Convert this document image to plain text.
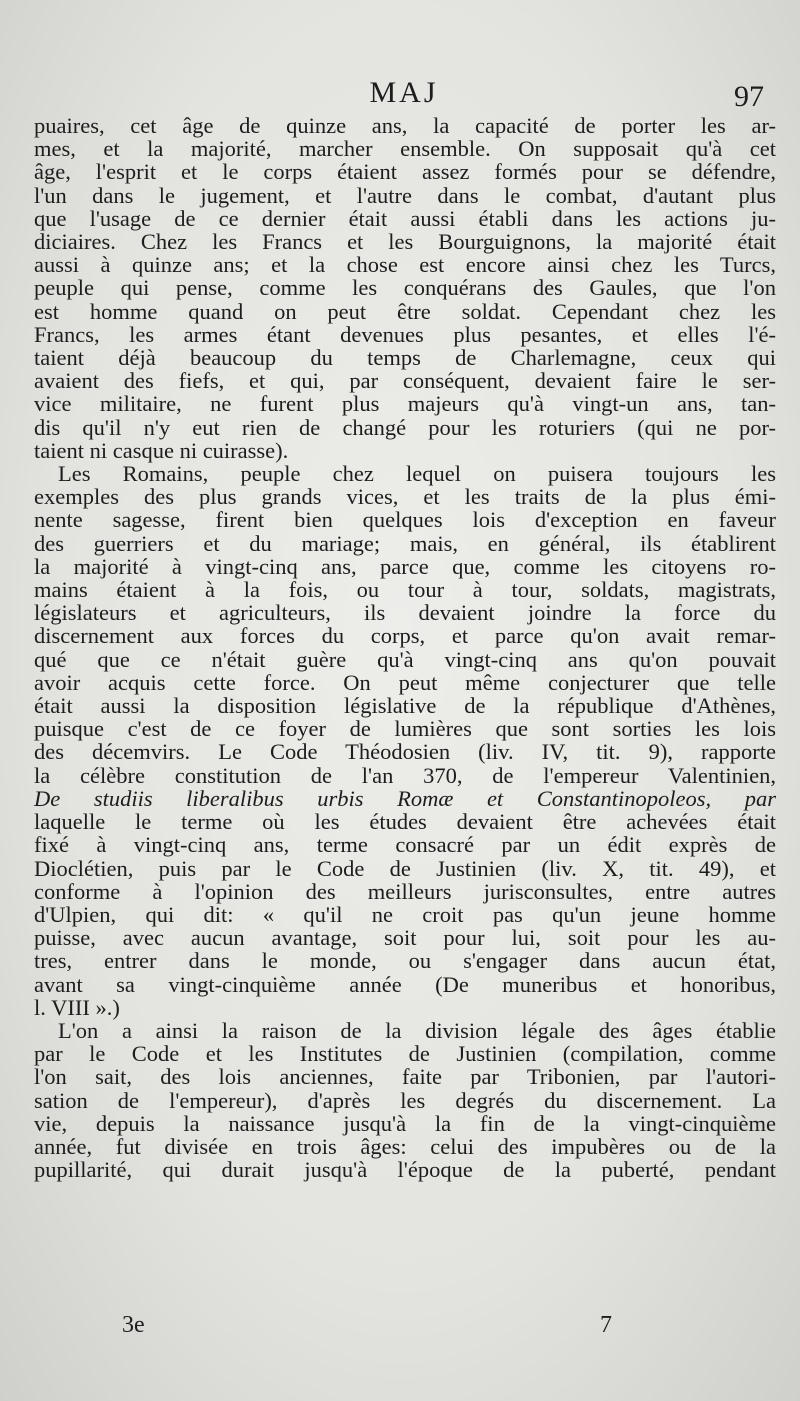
MAJ	97
puaires, cet âge de quinze ans, la capacité de porter les ar-
mes, et la majorité, marcher ensemble. On supposait qu'à cet
âge, l'esprit et le corps étaient assez formés pour se défendre,
l'un dans le jugement, et l'autre dans le combat, d'autant plus
que l'usage de ce dernier était aussi établi dans les actions ju-
diciaires. Chez les Francs et les Bourguignons, la majorité était
aussi à quinze ans; et la chose est encore ainsi chez les Turcs,
peuple qui pense, comme les conquérans des Gaules, que l'on
est homme quand on peut être soldat. Cependant chez les
Francs, les armes étant devenues plus pesantes, et elles l'é-
taient déjà beaucoup du temps de Charlemagne, ceux qui
avaient des fiefs, et qui, par conséquent, devaient faire le ser-
vice militaire, ne furent plus majeurs qu'à vingt-un ans, tan-
dis qu'il n'y eut rien de changé pour les roturiers (qui ne por-
taient ni casque ni cuirasse).
Les Romains, peuple chez lequel on puisera toujours les
exemples des plus grands vices, et les traits de la plus émi-
nente sagesse, firent bien quelques lois d'exception en faveur
des guerriers et du mariage; mais, en général, ils établirent
la majorité à vingt-cinq ans, parce que, comme les citoyens ro-
mains étaient à la fois, ou tour à tour, soldats, magistrats,
législateurs et agriculteurs, ils devaient joindre la force du
discernement aux forces du corps, et parce qu'on avait remar-
qué que ce n'était guère qu'à vingt-cinq ans qu'on pouvait
avoir acquis cette force. On peut même conjecturer que telle
était aussi la disposition législative de la république d'Athènes,
puisque c'est de ce foyer de lumières que sont sorties les lois
des décemvirs. Le Code Théodosien (liv. IV, tit. 9), rapporte
la célèbre constitution de l'an 370, de l'empereur Valentinien,
De studiis liberalibus urbis Romæ et Constantinopoleos, par
laquelle le terme où les études devaient être achevées était
fixé à vingt-cinq ans, terme consacré par un édit exprès de
Dioclétien, puis par le Code de Justinien (liv. X, tit. 49), et
conforme à l'opinion des meilleurs jurisconsultes, entre autres
d'Ulpien, qui dit: « qu'il ne croit pas qu'un jeune homme
puisse, avec aucun avantage, soit pour lui, soit pour les au-
tres, entrer dans le monde, ou s'engager dans aucun état,
avant sa vingt-cinquième année (De muneribus et honoribus,
l. VIII ».)
L'on a ainsi la raison de la division légale des âges établie
par le Code et les Institutes de Justinien (compilation, comme
l'on sait, des lois anciennes, faite par Tribonien, par l'autori-
sation de l'empereur), d'après les degrés du discernement. La
vie, depuis la naissance jusqu'à la fin de la vingt-cinquième
année, fut divisée en trois âges: celui des impubères ou de la
pupillarité, qui durait jusqu'à l'époque de la puberté, pendant
3e	7
